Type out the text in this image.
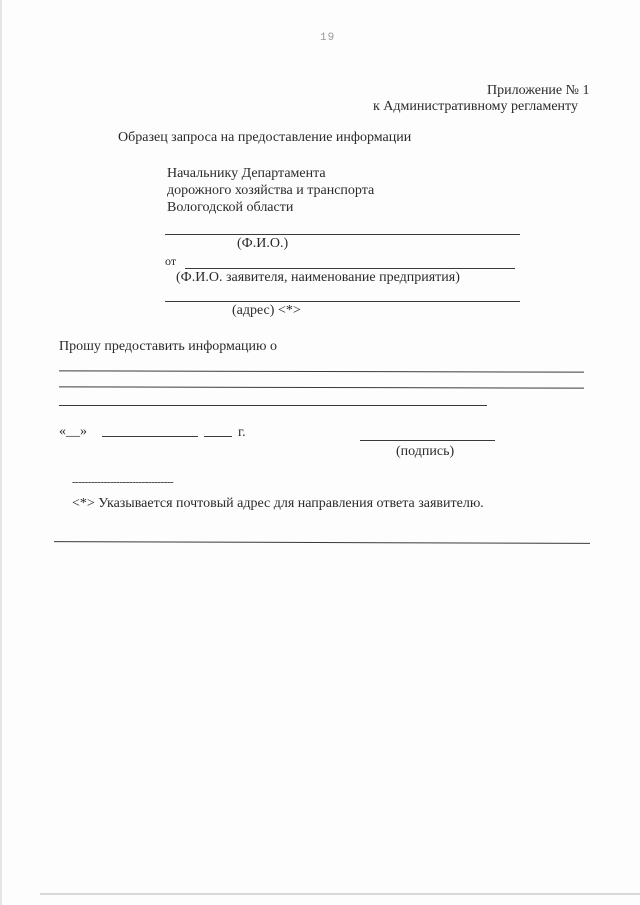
19
Приложение № 1
к Административному регламенту
Образец запроса на предоставление информации
Начальнику Департамента
дорожного хозяйства и транспорта
Вологодской области
(Ф.И.О.)
от
(Ф.И.О. заявителя, наименование предприятия)
(адрес) <*>
Прошу предоставить информацию о
«__»	г.
(подпись)
--------------------------------
<*> Указывается почтовый адрес для направления ответа заявителю.
